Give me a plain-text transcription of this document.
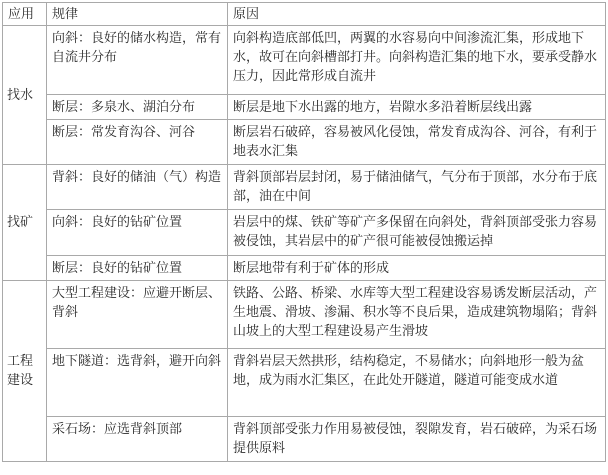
应用	规律	原因

找水	向斜：良好的储水构造，常有自流井分布	向斜构造底部低凹，两翼的水容易向中间渗流汇集，形成地下水，故可在向斜槽部打井。向斜构造汇集的地下水，要承受静水压力，因此常形成自流井
	断层：多泉水、湖泊分布	断层是地下水出露的地方，岩隙水多沿着断层线出露
	断层：常发育沟谷、河谷	断层岩石破碎，容易被风化侵蚀，常发育成沟谷、河谷，有利于地表水汇集

找矿	背斜：良好的储油（气）构造	背斜顶部岩层封闭，易于储油储气，气分布于顶部，水分布于底部，油在中间
	向斜：良好的钻矿位置	岩层中的煤、铁矿等矿产多保留在向斜处，背斜顶部受张力容易被侵蚀，其岩层中的矿产很可能被侵蚀搬运掉
	断层：良好的钻矿位置	断层地带有利于矿体的形成

工程建设	大型工程建设：应避开断层、背斜	铁路、公路、桥梁、水库等大型工程建设容易诱发断层活动，产生地震、滑坡、渗漏、积水等不良后果，造成建筑物塌陷；背斜山坡上的大型工程建设易产生滑坡
	地下隧道：选背斜，避开向斜	背斜岩层天然拱形，结构稳定，不易储水；向斜地形一般为盆地，成为雨水汇集区，在此处开隧道，隧道可能变成水道
	采石场：应选背斜顶部	背斜顶部受张力作用易被侵蚀，裂隙发育，岩石破碎，为采石场提供原料
